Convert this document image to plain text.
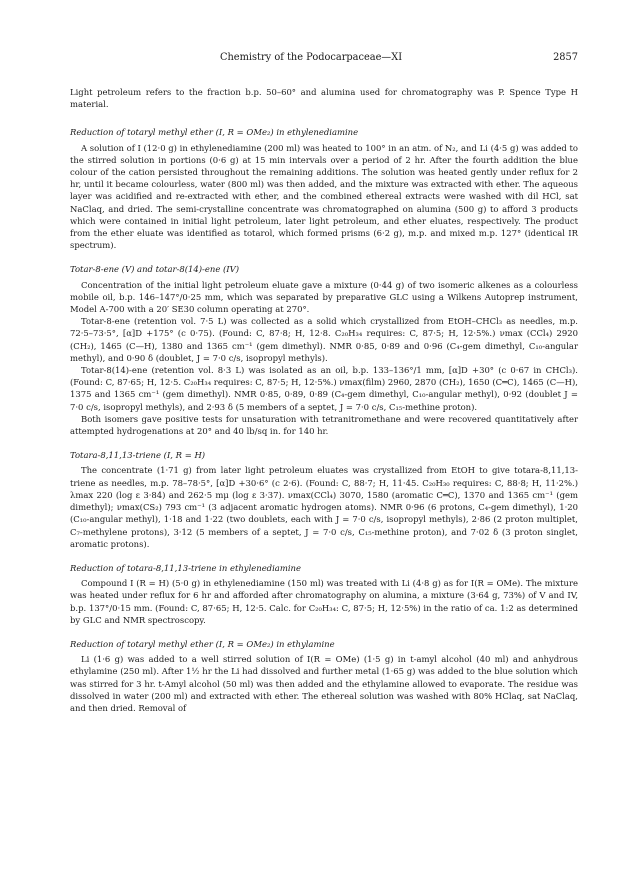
Chemistry of the Podocarpaceae—XI	2857

Light petroleum refers to the fraction b.p. 50–60° and alumina used for chromatography was P. Spence Type H material.

Reduction of totaryl methyl ether (I, R = OMe₂) in ethylenediamine

A solution of I (12·0 g) in ethylenediamine (200 ml) was heated to 100° in an atm. of N₂, and Li (4·5 g) was added to the stirred solution in portions (0·6 g) at 15 min intervals over a period of 2 hr. After the fourth addition the blue colour of the cation persisted throughout the remaining additions. The solution was heated gently under reflux for 2 hr, until it became colourless, water (800 ml) was then added, and the mixture was extracted with ether. The aqueous layer was acidified and re-extracted with ether, and the combined ethereal extracts were washed with dil HCl, sat NaClaq, and dried. The semi-crystalline concentrate was chromatographed on alumina (500 g) to afford 3 products which were contained in initial light petroleum, later light petroleum, and ether eluates, respectively. The product from the ether eluate was identified as totarol, which formed prisms (6·2 g), m.p. and mixed m.p. 127° (identical IR spectrum).

Totar-8-ene (V) and totar-8(14)-ene (IV)

Concentration of the initial light petroleum eluate gave a mixture (0·44 g) of two isomeric alkenes as a colourless mobile oil, b.p. 146–147°/0·25 mm, which was separated by preparative GLC using a Wilkens Autoprep instrument, Model A-700 with a 20′ SE30 column operating at 270°.

Totar-8-ene (retention vol. 7·5 L) was collected as a solid which crystallized from EtOH–CHCl₃ as needles, m.p. 72·5–73·5°, [α]D +175° (c 0·75). (Found: C, 87·8; H, 12·8. C₂₀H₃₄ requires: C, 87·5; H, 12·5%.) νmax (CCl₄) 2920 (CH₂), 1465 (C—H), 1380 and 1365 cm⁻¹ (gem dimethyl). NMR 0·85, 0·89 and 0·96 (C₄-gem dimethyl, C₁₀-angular methyl), and 0·90 δ (doublet, J = 7·0 c/s, isopropyl methyls).

Totar-8(14)-ene (retention vol. 8·3 L) was isolated as an oil, b.p. 133–136°/1 mm, [α]D +30° (c 0·67 in CHCl₃). (Found: C, 87·65; H, 12·5. C₂₀H₃₄ requires: C, 87·5; H, 12·5%.) νmax(film) 2960, 2870 (CH₂), 1650 (C═C), 1465 (C—H), 1375 and 1365 cm⁻¹ (gem dimethyl). NMR 0·85, 0·89, 0·89 (C₄-gem dimethyl, C₁₀-angular methyl), 0·92 (doublet J = 7·0 c/s, isopropyl methyls), and 2·93 δ (5 members of a septet, J = 7·0 c/s, C₁₅-methine proton).

Both isomers gave positive tests for unsaturation with tetranitromethane and were recovered quantitatively after attempted hydrogenations at 20° and 40 lb/sq in. for 140 hr.

Totara-8,11,13-triene (I, R = H)

The concentrate (1·71 g) from later light petroleum eluates was crystallized from EtOH to give totara-8,11,13-triene as needles, m.p. 78–78·5°, [α]D +30·6° (c 2·6). (Found: C, 88·7; H, 11·45. C₂₀H₃₀ requires: C, 88·8; H, 11·2%.) λmax 220 (log ε 3·84) and 262·5 mμ (log ε 3·37). νmax(CCl₄) 3070, 1580 (aromatic C═C), 1370 and 1365 cm⁻¹ (gem dimethyl); νmax(CS₂) 793 cm⁻¹ (3 adjacent aromatic hydrogen atoms). NMR 0·96 (6 protons, C₄-gem dimethyl), 1·20 (C₁₀-angular methyl), 1·18 and 1·22 (two doublets, each with J = 7·0 c/s, isopropyl methyls), 2·86 (2 proton multiplet, C₇-methylene protons), 3·12 (5 members of a septet, J = 7·0 c/s, C₁₅-methine proton), and 7·02 δ (3 proton singlet, aromatic protons).

Reduction of totara-8,11,13-triene in ethylenediamine

Compound I (R = H) (5·0 g) in ethylenediamine (150 ml) was treated with Li (4·8 g) as for I(R = OMe). The mixture was heated under reflux for 6 hr and afforded after chromatography on alumina, a mixture (3·64 g, 73%) of V and IV, b.p. 137°/0·15 mm. (Found: C, 87·65; H, 12·5. Calc. for C₂₀H₃₄: C, 87·5; H, 12·5%) in the ratio of ca. 1:2 as determined by GLC and NMR spectroscopy.

Reduction of totaryl methyl ether (I, R = OMe₂) in ethylamine

Li (1·6 g) was added to a well stirred solution of I(R = OMe) (1·5 g) in t-amyl alcohol (40 ml) and anhydrous ethylamine (250 ml). After 1½ hr the Li had dissolved and further metal (1·65 g) was added to the blue solution which was stirred for 3 hr. t-Amyl alcohol (50 ml) was then added and the ethylamine allowed to evaporate. The residue was dissolved in water (200 ml) and extracted with ether. The ethereal solution was washed with 80% HClaq, sat NaClaq, and then dried. Removal of
